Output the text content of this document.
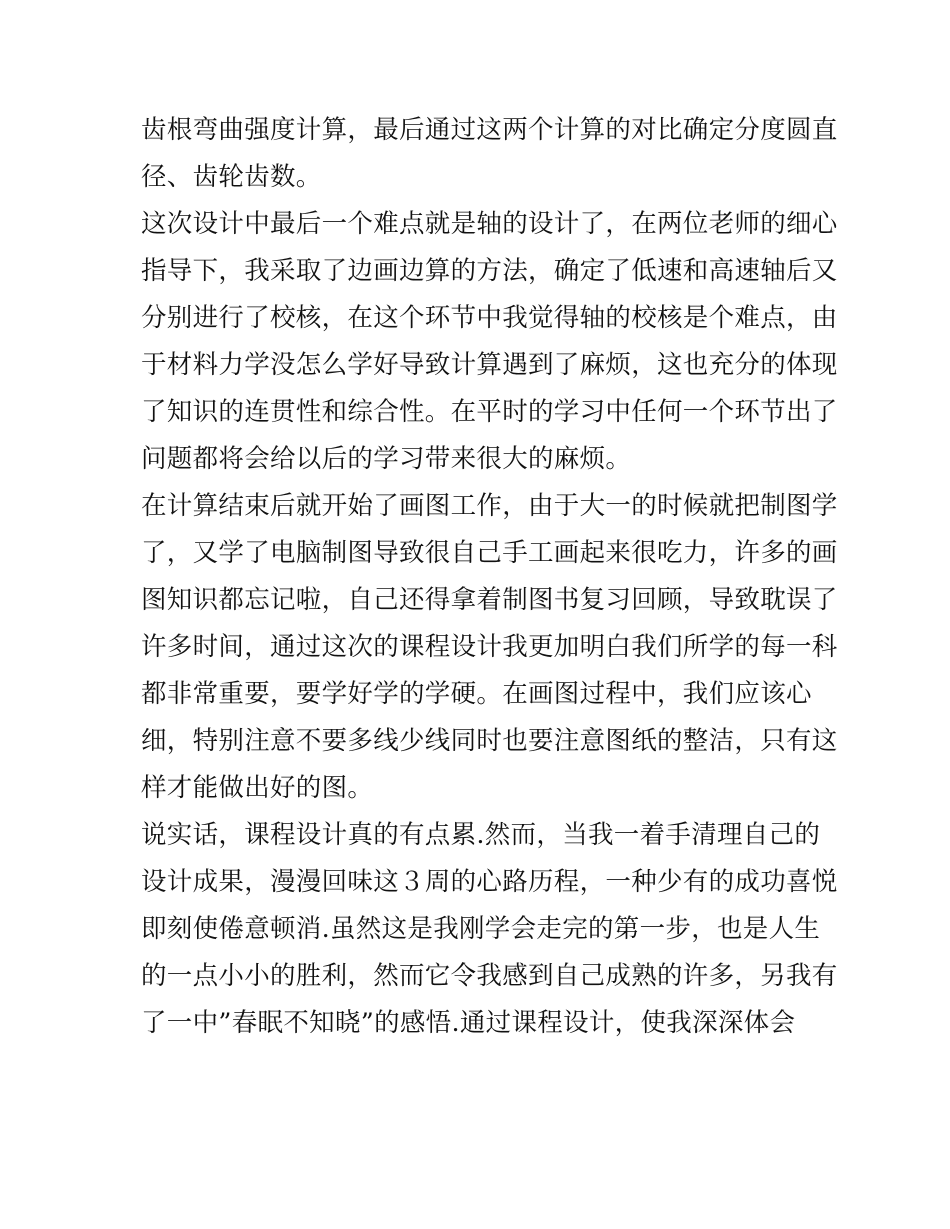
齿根弯曲强度计算，最后通过这两个计算的对比确定分度圆直
径、齿轮齿数。
这次设计中最后一个难点就是轴的设计了，在两位老师的细心
指导下，我采取了边画边算的方法，确定了低速和高速轴后又
分别进行了校核，在这个环节中我觉得轴的校核是个难点，由
于材料力学没怎么学好导致计算遇到了麻烦，这也充分的体现
了知识的连贯性和综合性。在平时的学习中任何一个环节出了
问题都将会给以后的学习带来很大的麻烦。
在计算结束后就开始了画图工作，由于大一的时候就把制图学
了，又学了电脑制图导致很自己手工画起来很吃力，许多的画
图知识都忘记啦，自己还得拿着制图书复习回顾，导致耽误了
许多时间，通过这次的课程设计我更加明白我们所学的每一科
都非常重要，要学好学的学硬。在画图过程中，我们应该心
细，特别注意不要多线少线同时也要注意图纸的整洁，只有这
样才能做出好的图。
说实话，课程设计真的有点累.然而，当我一着手清理自己的
设计成果，漫漫回味这３周的心路历程，一种少有的成功喜悦
即刻使倦意顿消.虽然这是我刚学会走完的第一步，也是人生
的一点小小的胜利，然而它令我感到自己成熟的许多，另我有
了一中”春眠不知晓”的感悟.通过课程设计，使我深深体会
